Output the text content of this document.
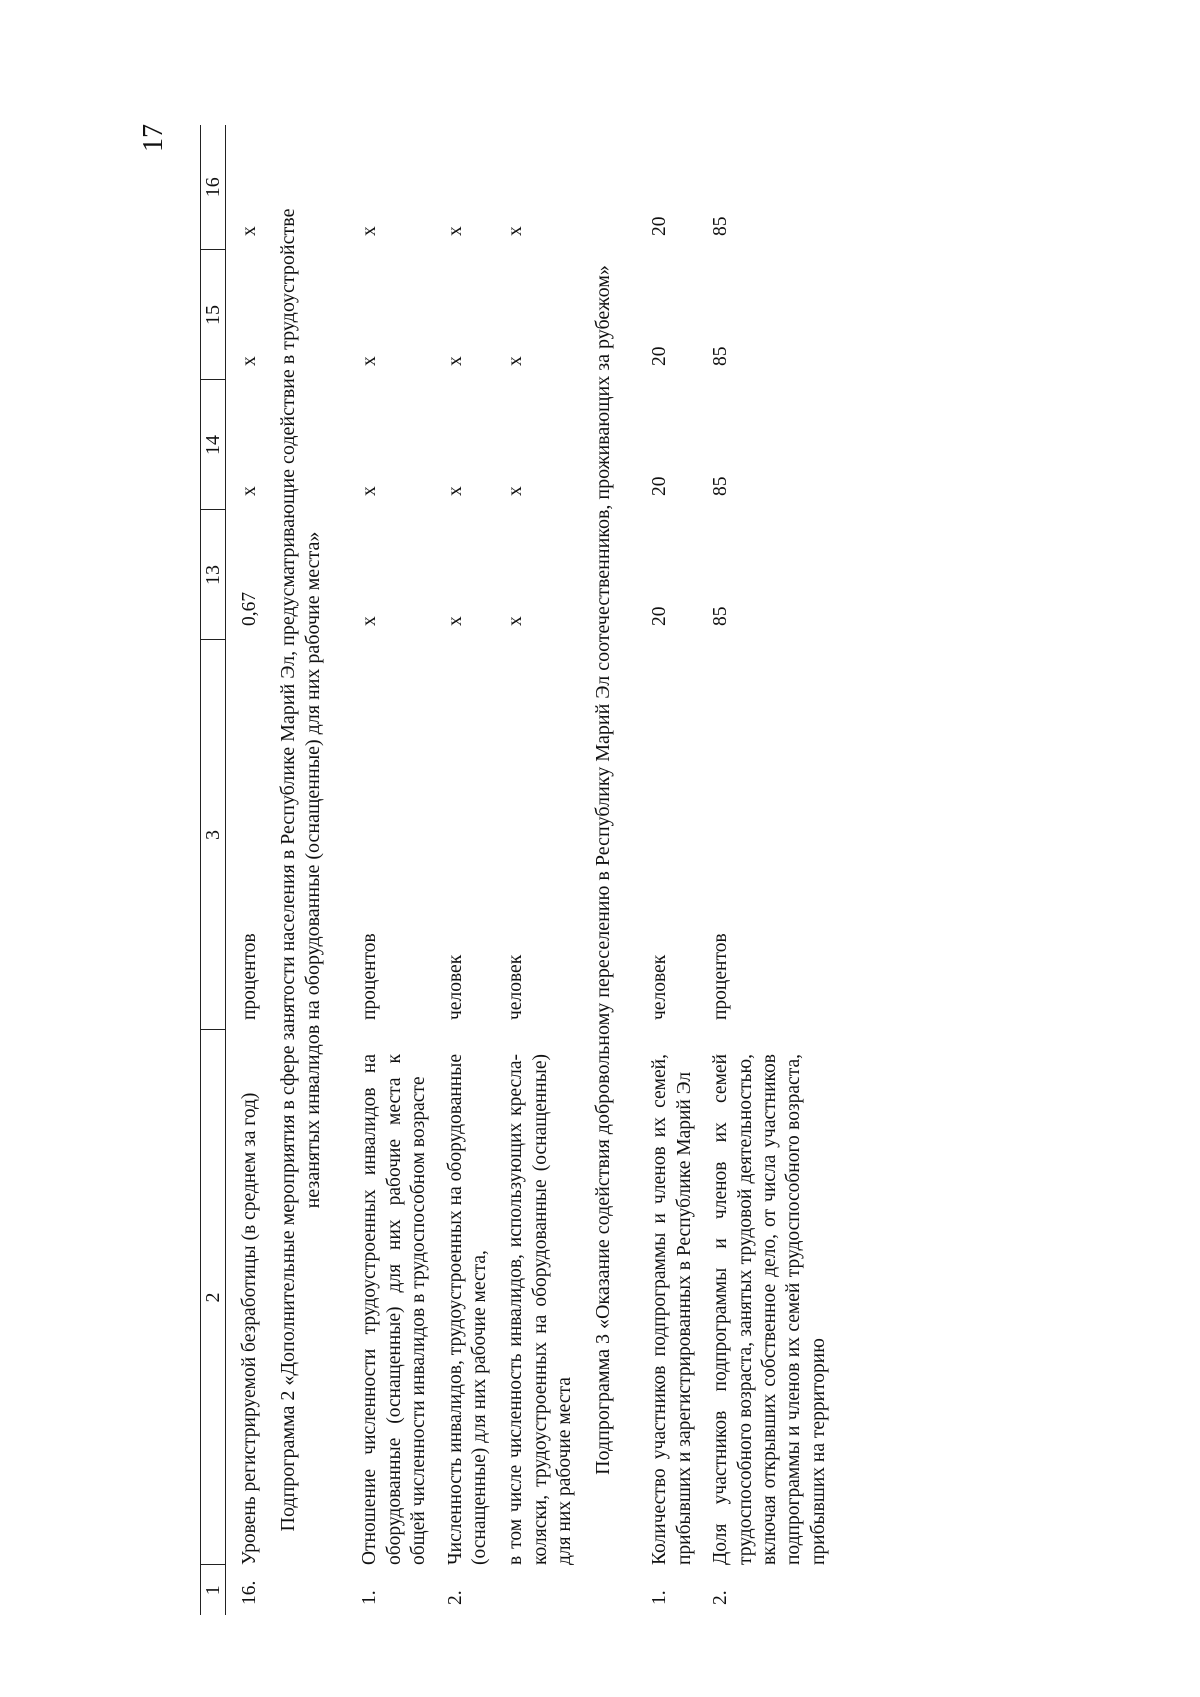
17
1	2	3	13	14	15	16
16.	Уровень регистрируемой безработицы (в среднем за год)	процентов	0,67	х	х	х
Подпрограмма 2 «Дополнительные мероприятия в сфере занятости населения в Республике Марий Эл, предусматривающие содействие в трудоустройстве незанятых инвалидов на оборудованные (оснащенные) для них рабочие места»						
1.	Отношение численности трудоустроенных инвалидов на оборудованные (оснащенные) для них рабочие места к общей численности инвалидов в трудоспособном возрасте	процентов	х	х	х	х
2.	Численность инвалидов, трудоустроенных на оборудованные (оснащенные) для них рабочие места,	человек	х	х	х	х
	в том числе численность инвалидов, использующих кресла-коляски, трудоустроенных на оборудованные (оснащенные) для них рабочие места	человек	х	х	х	х
Подпрограмма 3 «Оказание содействия добровольному переселению в Республику Марий Эл соотечественников, проживающих за рубежом»						
1.	Количество участников подпрограммы и членов их семей, прибывших и зарегистрированных в Республике Марий Эл	человек	20	20	20	20
2.	Доля участников подпрограммы и членов их семей трудоспособного возраста, занятых трудовой деятельностью, включая открывших собственное дело, от числа участников подпрограммы и членов их семей трудоспособного возраста, прибывших на территорию	процентов	85	85	85	85
